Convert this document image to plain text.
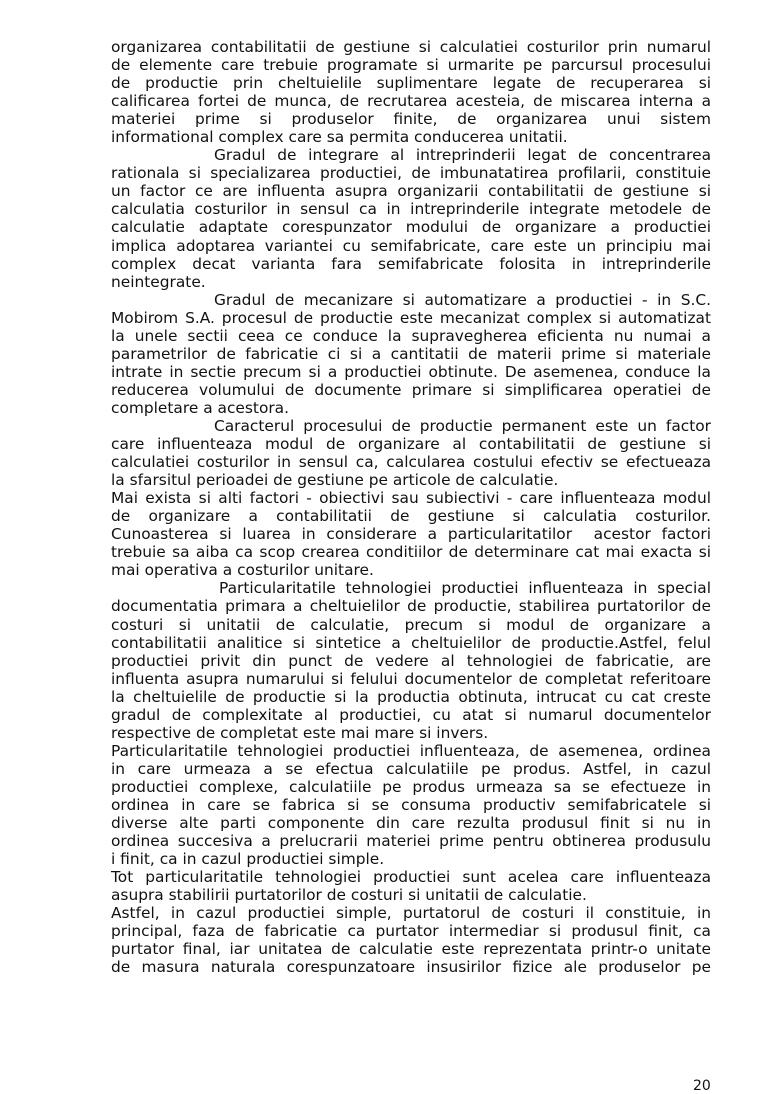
organizarea contabilitatii de gestiune si calculatiei costurilor prin numarul
de elemente care trebuie programate si urmarite pe parcursul procesului
de productie prin cheltuielile suplimentare legate de recuperarea si
calificarea fortei de munca, de recrutarea acesteia, de miscarea interna a
materiei prime si produselor finite, de organizarea unui sistem
informational complex care sa permita conducerea unitatii.
Gradul de integrare al intreprinderii legat de concentrarea
rationala si specializarea productiei, de imbunatatirea profilarii, constituie
un factor ce are influenta asupra organizarii contabilitatii de gestiune si
calculatia costurilor in sensul ca in intreprinderile integrate metodele de
calculatie adaptate corespunzator modului de organizare a productiei
implica adoptarea variantei cu semifabricate, care este un principiu mai
complex decat varianta fara semifabricate folosita in intreprinderile
neintegrate.
Gradul de mecanizare si automatizare a productiei - in S.C.
Mobirom S.A. procesul de productie este mecanizat complex si automatizat
la unele sectii ceea ce conduce la supravegherea eficienta nu numai a
parametrilor de fabricatie ci si a cantitatii de materii prime si materiale
intrate in sectie precum si a productiei obtinute. De asemenea, conduce la
reducerea volumului de documente primare si simplificarea operatiei de
completare a acestora.
Caracterul procesului de productie permanent este un factor
care influenteaza modul de organizare al contabilitatii de gestiune si
calculatiei costurilor in sensul ca, calcularea costului efectiv se efectueaza
la sfarsitul perioadei de gestiune pe articole de calculatie.
Mai exista si alti factori - obiectivi sau subiectivi - care influenteaza modul
de organizare a contabilitatii de gestiune si calculatia costurilor.
Cunoasterea si luarea in considerare a particularitatilor  acestor factori
trebuie sa aiba ca scop crearea conditiilor de determinare cat mai exacta si
mai operativa a costurilor unitare.
Particularitatile tehnologiei productiei influenteaza in special
documentatia primara a cheltuielilor de productie, stabilirea purtatorilor de
costuri si unitatii de calculatie, precum si modul de organizare a
contabilitatii analitice si sintetice a cheltuielilor de productie.Astfel, felul
productiei privit din punct de vedere al tehnologiei de fabricatie, are
influenta asupra numarului si felului documentelor de completat referitoare
la cheltuielile de productie si la productia obtinuta, intrucat cu cat creste
gradul de complexitate al productiei, cu atat si numarul documentelor
respective de completat este mai mare si invers.
Particularitatile tehnologiei productiei influenteaza, de asemenea, ordinea
in care urmeaza a se efectua calculatiile pe produs. Astfel, in cazul
productiei complexe, calculatiile pe produs urmeaza sa se efectueze in
ordinea in care se fabrica si se consuma productiv semifabricatele si
diverse alte parti componente din care rezulta produsul finit si nu in
ordinea succesiva a prelucrarii materiei prime pentru obtinerea produsulu
i finit, ca in cazul productiei simple.
Tot particularitatile tehnologiei productiei sunt acelea care influenteaza
asupra stabilirii purtatorilor de costuri si unitatii de calculatie.
Astfel, in cazul productiei simple, purtatorul de costuri il constituie, in
principal, faza de fabricatie ca purtator intermediar si produsul finit, ca
purtator final, iar unitatea de calculatie este reprezentata printr-o unitate
de masura naturala corespunzatoare insusirilor fizice ale produselor pe
20
